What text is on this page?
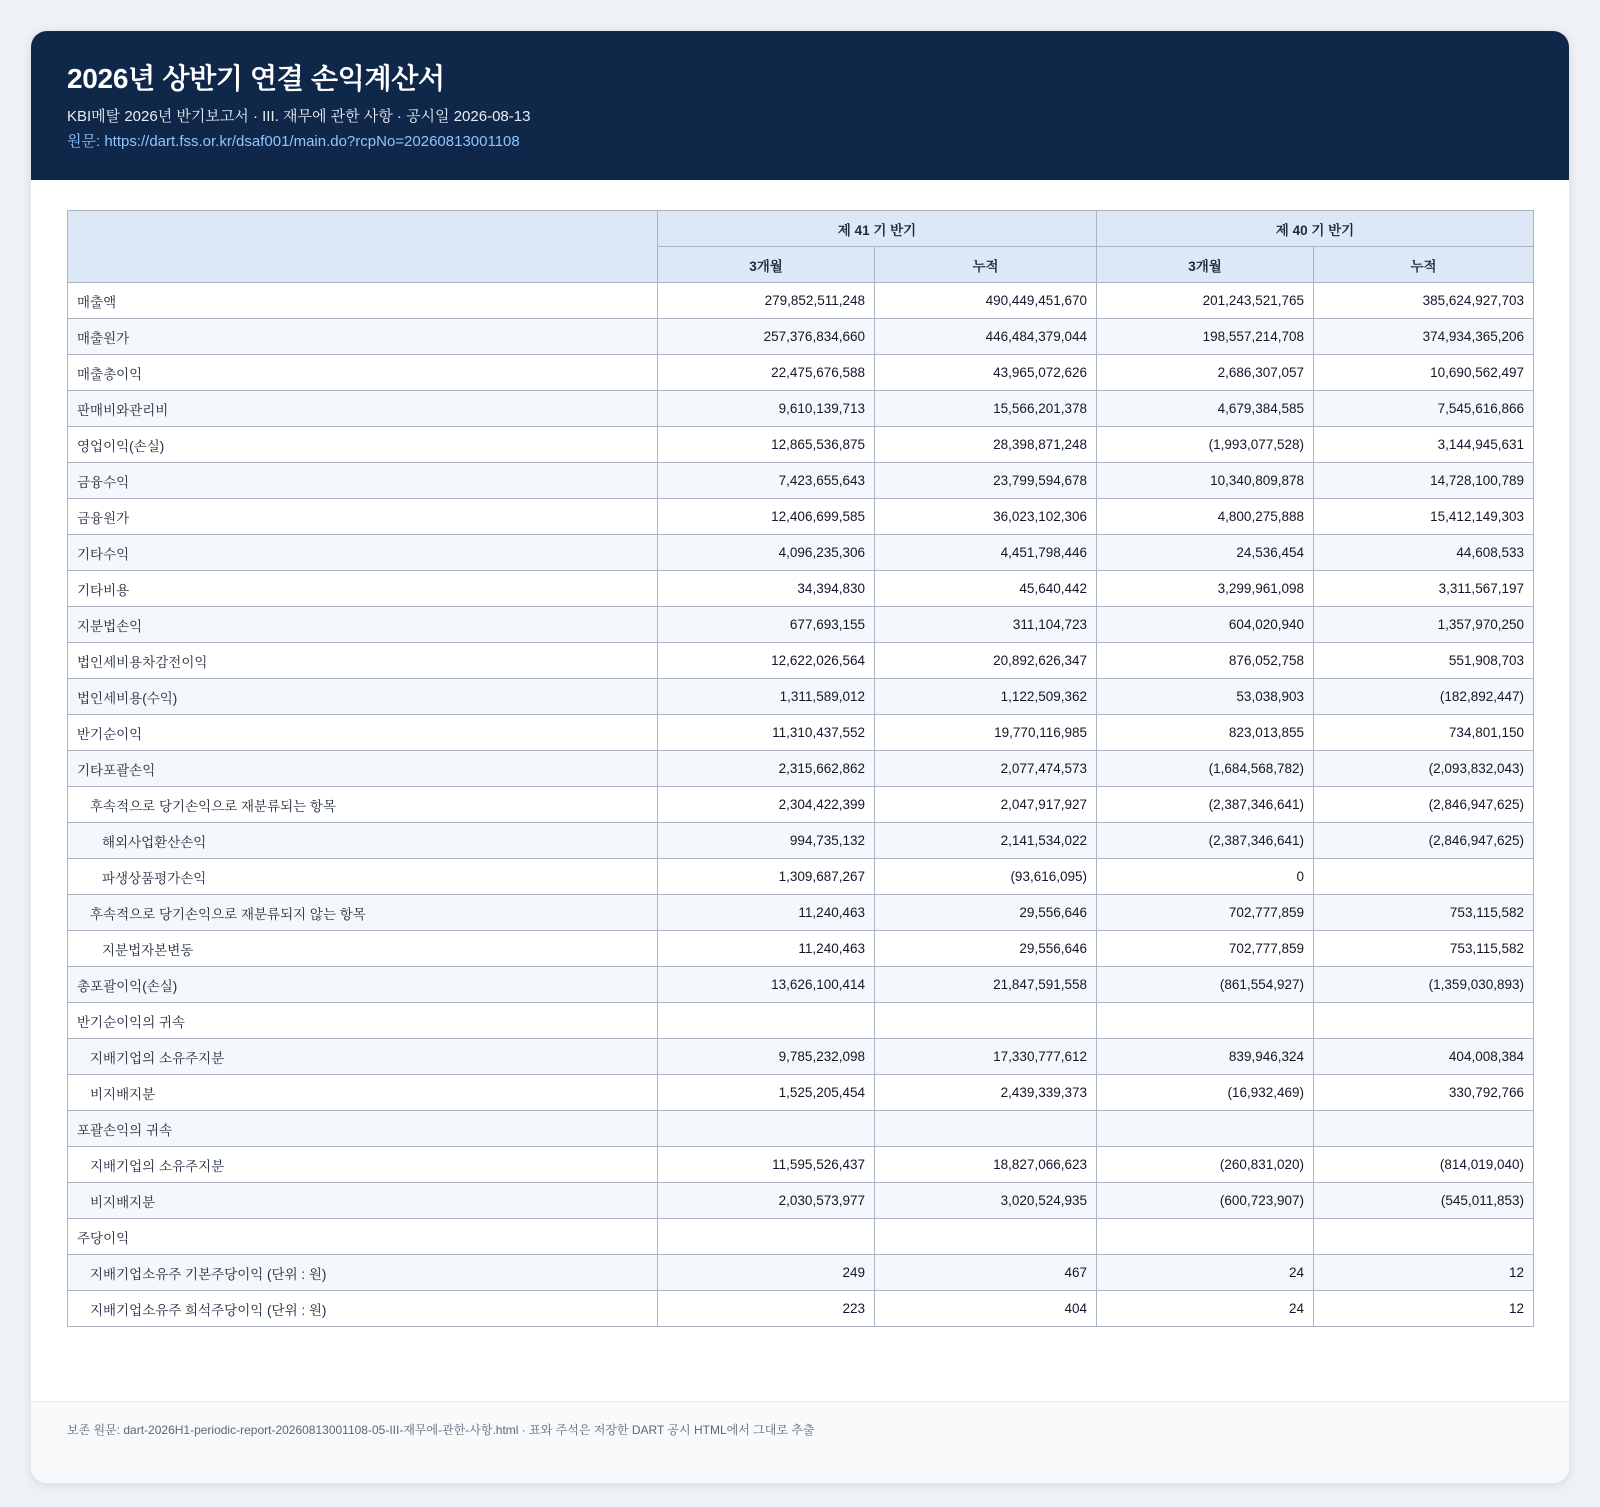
2026년 상반기 연결 손익계산서
KBI메탈 2026년 반기보고서 · III. 재무에 관한 사항 · 공시일 2026-08-13
원문: https://dart.fss.or.kr/dsaf001/main.do?rcpNo=20260813001108
	제 41 기 반기		제 40 기 반기	
	3개월	누적	3개월	누적
매출액	279,852,511,248	490,449,451,670	201,243,521,765	385,624,927,703
매출원가	257,376,834,660	446,484,379,044	198,557,214,708	374,934,365,206
매출총이익	22,475,676,588	43,965,072,626	2,686,307,057	10,690,562,497
판매비와관리비	9,610,139,713	15,566,201,378	4,679,384,585	7,545,616,866
영업이익(손실)	12,865,536,875	28,398,871,248	(1,993,077,528)	3,144,945,631
금융수익	7,423,655,643	23,799,594,678	10,340,809,878	14,728,100,789
금융원가	12,406,699,585	36,023,102,306	4,800,275,888	15,412,149,303
기타수익	4,096,235,306	4,451,798,446	24,536,454	44,608,533
기타비용	34,394,830	45,640,442	3,299,961,098	3,311,567,197
지분법손익	677,693,155	311,104,723	604,020,940	1,357,970,250
법인세비용차감전이익	12,622,026,564	20,892,626,347	876,052,758	551,908,703
법인세비용(수익)	1,311,589,012	1,122,509,362	53,038,903	(182,892,447)
반기순이익	11,310,437,552	19,770,116,985	823,013,855	734,801,150
기타포괄손익	2,315,662,862	2,077,474,573	(1,684,568,782)	(2,093,832,043)
후속적으로 당기손익으로 재분류되는 항목	2,304,422,399	2,047,917,927	(2,387,346,641)	(2,846,947,625)
해외사업환산손익	994,735,132	2,141,534,022	(2,387,346,641)	(2,846,947,625)
파생상품평가손익	1,309,687,267	(93,616,095)	0	
후속적으로 당기손익으로 재분류되지 않는 항목	11,240,463	29,556,646	702,777,859	753,115,582
지분법자본변동	11,240,463	29,556,646	702,777,859	753,115,582
총포괄이익(손실)	13,626,100,414	21,847,591,558	(861,554,927)	(1,359,030,893)
반기순이익의 귀속				
지배기업의 소유주지분	9,785,232,098	17,330,777,612	839,946,324	404,008,384
비지배지분	1,525,205,454	2,439,339,373	(16,932,469)	330,792,766
포괄손익의 귀속				
지배기업의 소유주지분	11,595,526,437	18,827,066,623	(260,831,020)	(814,019,040)
비지배지분	2,030,573,977	3,020,524,935	(600,723,907)	(545,011,853)
주당이익				
지배기업소유주 기본주당이익 (단위 : 원)	249	467	24	12
지배기업소유주 희석주당이익 (단위 : 원)	223	404	24	12
보존 원문: dart-2026H1-periodic-report-20260813001108-05-III-재무에-관한-사항.html · 표와 주석은 저장한 DART 공시 HTML에서 그대로 추출
